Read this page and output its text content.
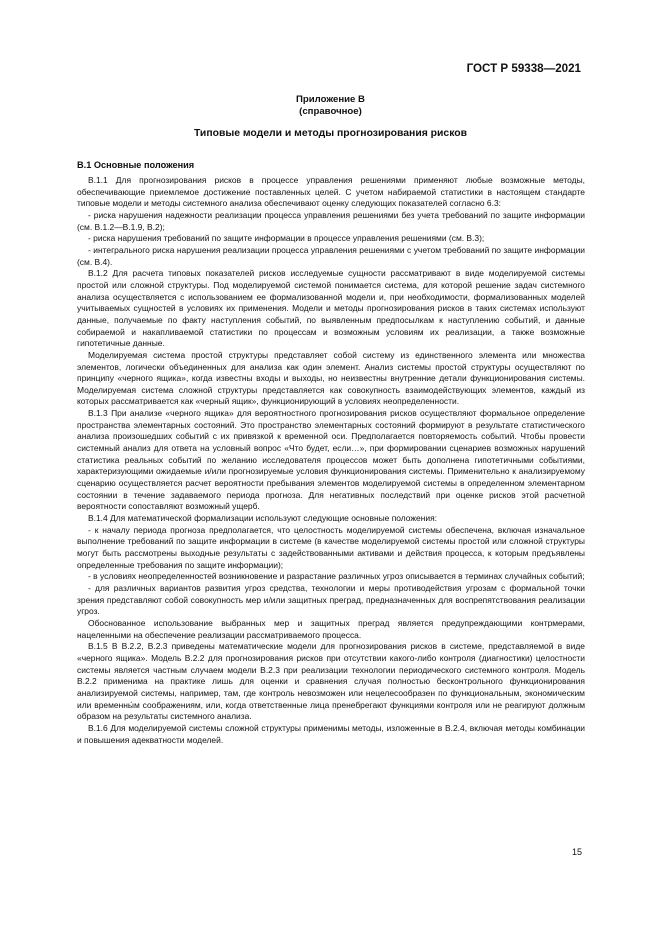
ГОСТ Р 59338—2021
Приложение В
(справочное)
Типовые модели и методы прогнозирования рисков
В.1 Основные положения

В.1.1 Для прогнозирования рисков в процессе управления решениями применяют любые возможные методы, обеспечивающие приемлемое достижение поставленных целей. С учетом набираемой статистики в настоящем стандарте типовые модели и методы системного анализа обеспечивают оценку следующих показателей согласно 6.3:

- риска нарушения надежности реализации процесса управления решениями без учета требований по защите информации (см. В.1.2—В.1.9, В.2);

- риска нарушения требований по защите информации в процессе управления решениями (см. В.3);

- интегрального риска нарушения реализации процесса управления решениями с учетом требований по защите информации (см. В.4).

В.1.2 Для расчета типовых показателей рисков исследуемые сущности рассматривают в виде моделируемой системы простой или сложной структуры. Под моделируемой системой понимается система, для которой решение задач системного анализа осуществляется с использованием ее формализованной модели и, при необходимости, формализованных моделей учитываемых сущностей в условиях их применения. Модели и методы прогнозирования рисков в таких системах используют данные, получаемые по факту наступления событий, по выявленным предпосылкам к наступлению событий, и данные собираемой и накапливаемой статистики по процессам и возможным условиям их реализации, а также возможные гипотетичные данные.

Моделируемая система простой структуры представляет собой систему из единственного элемента или множества элементов, логически объединенных для анализа как один элемент. Анализ системы простой структуры осуществляют по принципу «черного ящика», когда известны входы и выходы, но неизвестны внутренние детали функционирования системы. Моделируемая система сложной структуры представляется как совокупность взаимодействующих элементов, каждый из которых рассматривается как «черный ящик», функционирующий в условиях неопределенности.

В.1.3 При анализе «черного ящика» для вероятностного прогнозирования рисков осуществляют формальное определение пространства элементарных состояний. Это пространство элементарных состояний формируют в результате статистического анализа произошедших событий с их привязкой к временной оси. Предполагается повторяемость событий. Чтобы провести системный анализ для ответа на условный вопрос «Что будет, если…», при формировании сценариев возможных нарушений статистика реальных событий по желанию исследователя процессов может быть дополнена гипотетичными событиями, характеризующими ожидаемые и/или прогнозируемые условия функционирования системы. Применительно к анализируемому сценарию осуществляется расчет вероятности пребывания элементов моделируемой системы в определенном элементарном состоянии в течение задаваемого периода прогноза. Для негативных последствий при оценке рисков этой расчетной вероятности сопоставляют возможный ущерб.

В.1.4 Для математической формализации используют следующие основные положения:

- к началу периода прогноза предполагается, что целостность моделируемой системы обеспечена, включая изначальное выполнение требований по защите информации в системе (в качестве моделируемой системы простой или сложной структуры могут быть рассмотрены выходные результаты с задействованными активами и действия процесса, к которым предъявлены определенные требования по защите информации);

- в условиях неопределенностей возникновение и разрастание различных угроз описывается в терминах случайных событий;

- для различных вариантов развития угроз средства, технологии и меры противодействия угрозам с формальной точки зрения представляют собой совокупность мер и/или защитных преград, предназначенных для воспрепятствования реализации угроз.

Обоснованное использование выбранных мер и защитных преград является предупреждающими контрмерами, нацеленными на обеспечение реализации рассматриваемого процесса.

В.1.5 В В.2.2, В.2.3 приведены математические модели для прогнозирования рисков в системе, представляемой в виде «черного ящика». Модель В.2.2 для прогнозирования рисков при отсутствии какого-либо контроля (диагностики) целостности системы является частным случаем модели В.2.3 при реализации технологии периодического системного контроля. Модель В.2.2 применима на практике лишь для оценки и сравнения случая полностью бесконтрольного функционирования анализируемой системы, например, там, где контроль невозможен или нецелесообразен по функциональным, экономическим или временны́м соображениям, или, когда ответственные лица пренебрегают функциями контроля или не реагируют должным образом на результаты системного анализа.

В.1.6 Для моделируемой системы сложной структуры применимы методы, изложенные в В.2.4, включая методы комбинации и повышения адекватности моделей.

15
